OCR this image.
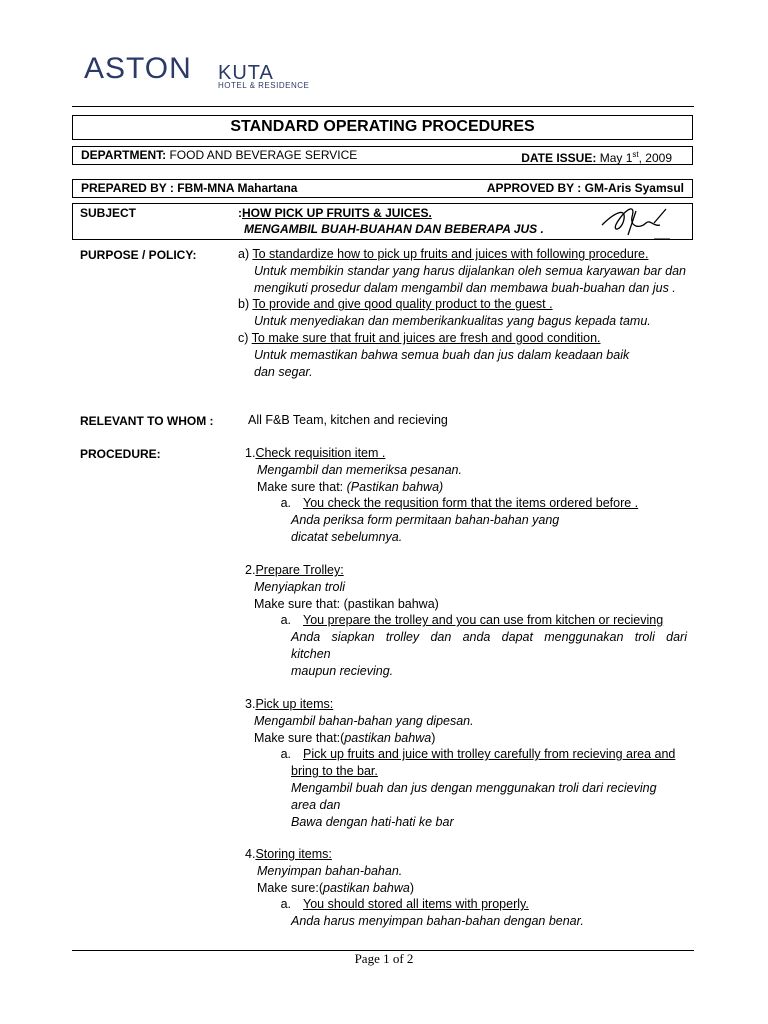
ASTON KUTA
HOTEL & RESIDENCE
STANDARD OPERATING PROCEDURES
DEPARTMENT: FOOD AND BEVERAGE SERVICE	DATE ISSUE: May 1st, 2009
PREPARED BY : FBM-MNA Mahartana	APPROVED BY : GM-Aris Syamsul
SUBJECT	:HOW PICK UP FRUITS & JUICES.
MENGAMBIL BUAH-BUAHAN DAN BEBERAPA JUS .
PURPOSE / POLICY:	a) To standardize how to pick up fruits and juices with following procedure.
Untuk membikin standar yang harus dijalankan oleh semua karyawan bar dan mengikuti prosedur dalam mengambil dan membawa buah-buahan dan jus .
b) To provide and give qood quality product to the guest .
Untuk menyediakan dan memberikankualitas yang bagus kepada tamu.
c) To make sure that fruit and juices are fresh and good condition.
Untuk memastikan bahwa semua buah dan jus dalam keadaan baik
dan segar.
RELEVANT TO WHOM :	All F&B Team, kitchen and recieving
PROCEDURE:	1.Check requisition item .
Mengambil dan memeriksa pesanan.
Make sure that: (Pastikan bahwa)
a. You check the requsition form that the items ordered before .
Anda periksa form permitaan bahan-bahan yang
dicatat sebelumnya.
2.Prepare Trolley:
Menyiapkan troli
Make sure that: (pastikan bahwa)
a. You prepare the trolley and you can use from kitchen or recieving
Anda siapkan trolley dan anda dapat menggunakan troli dari
kitchen
maupun recieving.
3.Pick up items:
Mengambil bahan-bahan yang dipesan.
Make sure that:(pastikan bahwa)
a. Pick up fruits and juice with trolley carefully from recieving area and
bring to the bar.
Mengambil buah dan jus dengan menggunakan troli dari recieving
area dan
Bawa dengan hati-hati ke bar
4.Storing items:
Menyimpan bahan-bahan.
Make sure:(pastikan bahwa)
a. You should stored all items with properly.
Anda harus menyimpan bahan-bahan dengan benar.
Page 1 of 2
